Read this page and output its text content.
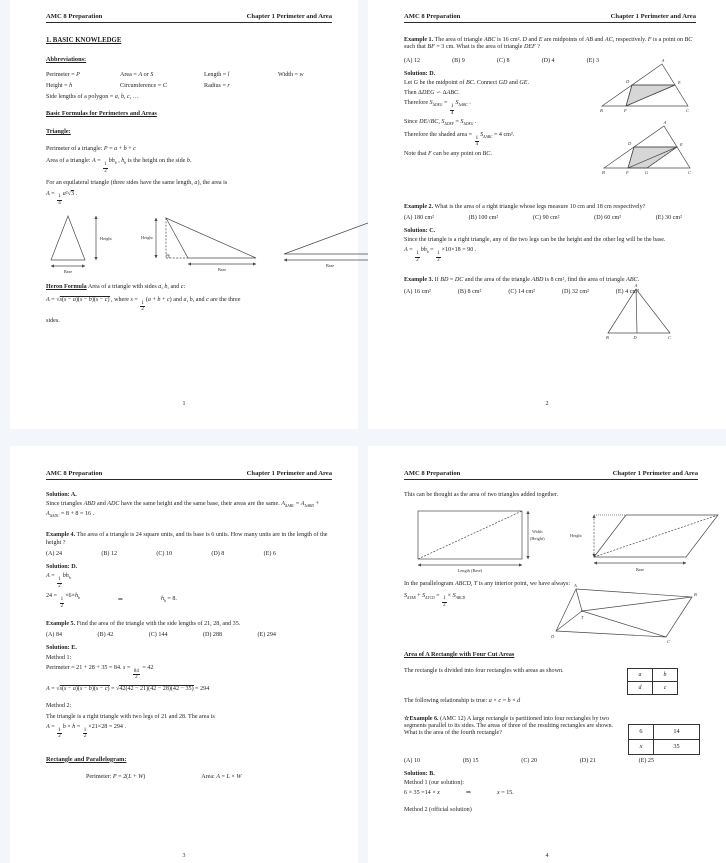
AMC 8 Preparation	Chapter 1 Perimeter and Area
1. BASIC KNOWLEDGE
Abbreviations:
Perimeter = P	Area = A or S	Length = l	Width = w
Height = h	Circumference = C	Radius = r
Side lengths of a polygon = a, b, c, …
Basic Formulas for Perimeters and Areas
Triangle:
Perimeter of a triangle: P = a + b + c
Area of a triangle: A =
$\frac{1}{2}$
$bh_b$ , $h_b$ is the height on the side b.
For an equilateral triangle (three sides have the same length, a), the area is
A =
$\frac{1}{4}$
a²√3 .
Base
Height	Height
Base
Base
Heron Formula Area of a triangle with sides a, b, and c:
A = √s(s − a)(s − b)(s − c) , where s =
$\frac{1}{2}$
(a + b + c) and a, b, and c are the three
sides.
1
AMC 8 Preparation	Chapter 1 Perimeter and Area
Example 1. The area of triangle ABC is 16 cm². D and E are midpoints of AB and AC, respectively. F is a point on BC such that BF = 3 cm. What is the area of triangle DEF ?
(A) 12	(B) 9	(C) 8	(D) 4	(E) 3
Solution: D.
Let G be the midpoint of BC. Connect GD and GE.
Then ΔDEG ∽ ΔABC.
Therefore $S_{\Delta DEG}$ =
$\frac{1}{4}$
$S_{\Delta ABC}$ .
Since DE//BC, $S_{\Delta DEF} = S_{\Delta DEG}$ .
Therefore the shaded area =
$\frac{1}{4}$
$S_{\Delta ABC} = 4$ cm².
Note that F can be any point on BC.
A
B	C
D	E
F
A
B	C
D	E
F	G
Example 2. What is the area of a right triangle whose legs measure 10 cm and 18 cm respectively?
(A) 180 cm²	(B) 100 cm²	(C) 90 cm²	(D) 60 cm²	(E) 30 cm²
Solution: C.
Since the triangle is a right triangle, any of the two legs can be the height and the other leg will be the base.
A =
$\frac{1}{2}$
$bh_b$ =
$\frac{1}{2}$
×10×18 = 90 .
Example 3. If BD = DC and the area of the triangle ABD is 8 cm², find the area of triangle ABC.
(A) 16 cm²	(B) 8 cm²	(C) 14 cm²	(D) 32 cm²	(E) 4 cm²
A
B	C
D
2
AMC 8 Preparation	Chapter 1 Perimeter and Area
Solution: A.
Since triangles ABD and ADC have the same height and the same base, their areas are the same. $A_{\Delta ABC} = A_{\Delta ABD} + A_{\Delta ADC} = 8 + 8 = 16$ .
Example 4. The area of a triangle is 24 square units, and its base is 6 units. How many units are in the length of the height ?
(A) 24	(B) 12	(C) 10	(D) 8	(E) 6
Solution: D.
A =
$\frac{1}{2}$
$bh_b$
24 =
$\frac{1}{2}$
$\times 6\times h_b$	⇒	$h_b = 8$.
Example 5. Find the area of the triangle with the side lengths of 21, 28, and 35.
(A) 84	(B) 42	(C) 144	(D) 288	(E) 294
Solution: E.
Method 1:
Perimeter = 21 + 28 + 35 = 84. s =
$\frac{84}{2}$
= 42
A = √s(s − a)(s − b)(s − c) = √42(42 − 21)(42 − 28)(42 − 35) = 294
Method 2:
The triangle is a right triangle with two legs of 21 and 28. The area is
A =
$\frac{1}{2}$
b × h =
$\frac{1}{2}$
×21×28 = 294 .
Rectangle and Parallelogram:
Perimeter: P = 2(L + W)	Area: A = L × W
3
AMC 8 Preparation	Chapter 1 Perimeter and Area
This can be thought as the area of two triangles added together.
Width
(Height)
Length (Base)
Height
Base
In the parallelogram ABCD, T is any interior point, we have always:
$S_{\Delta TAB} + S_{\Delta TCD}$ =
$\frac{1}{2}$
× $S_{ABCD}$
A
B
C
D
T
Area of A Rectangle with Four Cut Areas
a	b
d	c
The rectangle is divided into four rectangles with areas as shown.
The following relationship is true: a × c = b × d
6	14
x	35
☆Example 6. (AMC 12) A large rectangle is partitioned into four rectangles by two segments parallel to its sides. The areas of three of the resulting rectangles are shown. What is the area of the fourth rectangle?
(A) 10	(B) 15	(C) 20	(D) 21	(E) 25
Solution: B.
Method 1 (our solution):
6 × 35 =14 × x	⇒	x = 15.
Method 2 (official solution)
4
